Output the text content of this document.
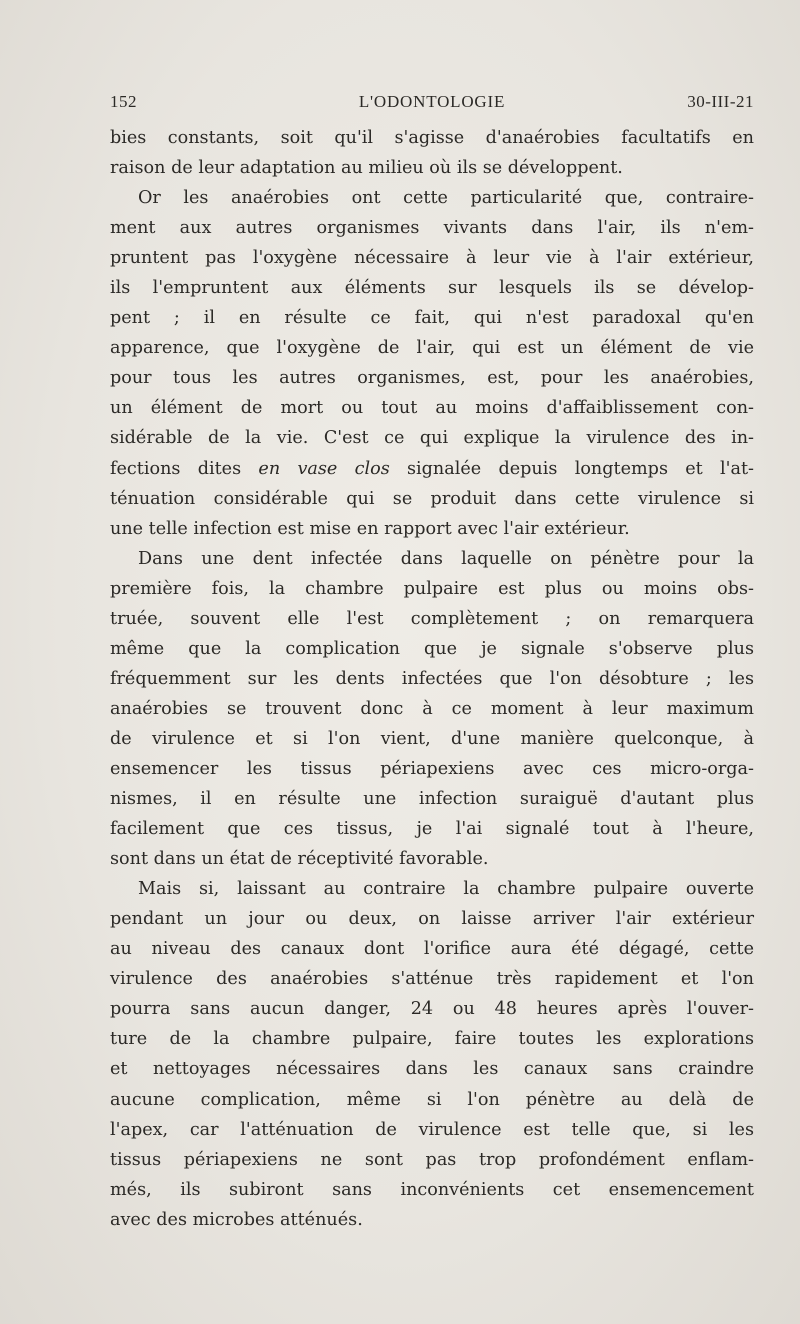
152	L'ODONTOLOGIE	30-III-21
bies constants, soit qu'il s'agisse d'anaérobies facultatifs en
raison de leur adaptation au milieu où ils se développent.
Or les anaérobies ont cette particularité que, contraire-
ment aux autres organismes vivants dans l'air, ils n'em-
pruntent pas l'oxygène nécessaire à leur vie à l'air extérieur,
ils l'empruntent aux éléments sur lesquels ils se dévelop-
pent ; il en résulte ce fait, qui n'est paradoxal qu'en
apparence, que l'oxygène de l'air, qui est un élément de vie
pour tous les autres organismes, est, pour les anaérobies,
un élément de mort ou tout au moins d'affaiblissement con-
sidérable de la vie. C'est ce qui explique la virulence des in-
fections dites en vase clos signalée depuis longtemps et l'at-
ténuation considérable qui se produit dans cette virulence si
une telle infection est mise en rapport avec l'air extérieur.
Dans une dent infectée dans laquelle on pénètre pour la
première fois, la chambre pulpaire est plus ou moins obs-
truée, souvent elle l'est complètement ; on remarquera
même que la complication que je signale s'observe plus
fréquemment sur les dents infectées que l'on désobture ; les
anaérobies se trouvent donc à ce moment à leur maximum
de virulence et si l'on vient, d'une manière quelconque, à
ensemencer les tissus périapexiens avec ces micro-orga-
nismes, il en résulte une infection suraiguë d'autant plus
facilement que ces tissus, je l'ai signalé tout à l'heure,
sont dans un état de réceptivité favorable.
Mais si, laissant au contraire la chambre pulpaire ouverte
pendant un jour ou deux, on laisse arriver l'air extérieur
au niveau des canaux dont l'orifice aura été dégagé, cette
virulence des anaérobies s'atténue très rapidement et l'on
pourra sans aucun danger, 24 ou 48 heures après l'ouver-
ture de la chambre pulpaire, faire toutes les explorations
et nettoyages nécessaires dans les canaux sans craindre
aucune complication, même si l'on pénètre au delà de
l'apex, car l'atténuation de virulence est telle que, si les
tissus périapexiens ne sont pas trop profondément enflam-
més, ils subiront sans inconvénients cet ensemencement
avec des microbes atténués.
